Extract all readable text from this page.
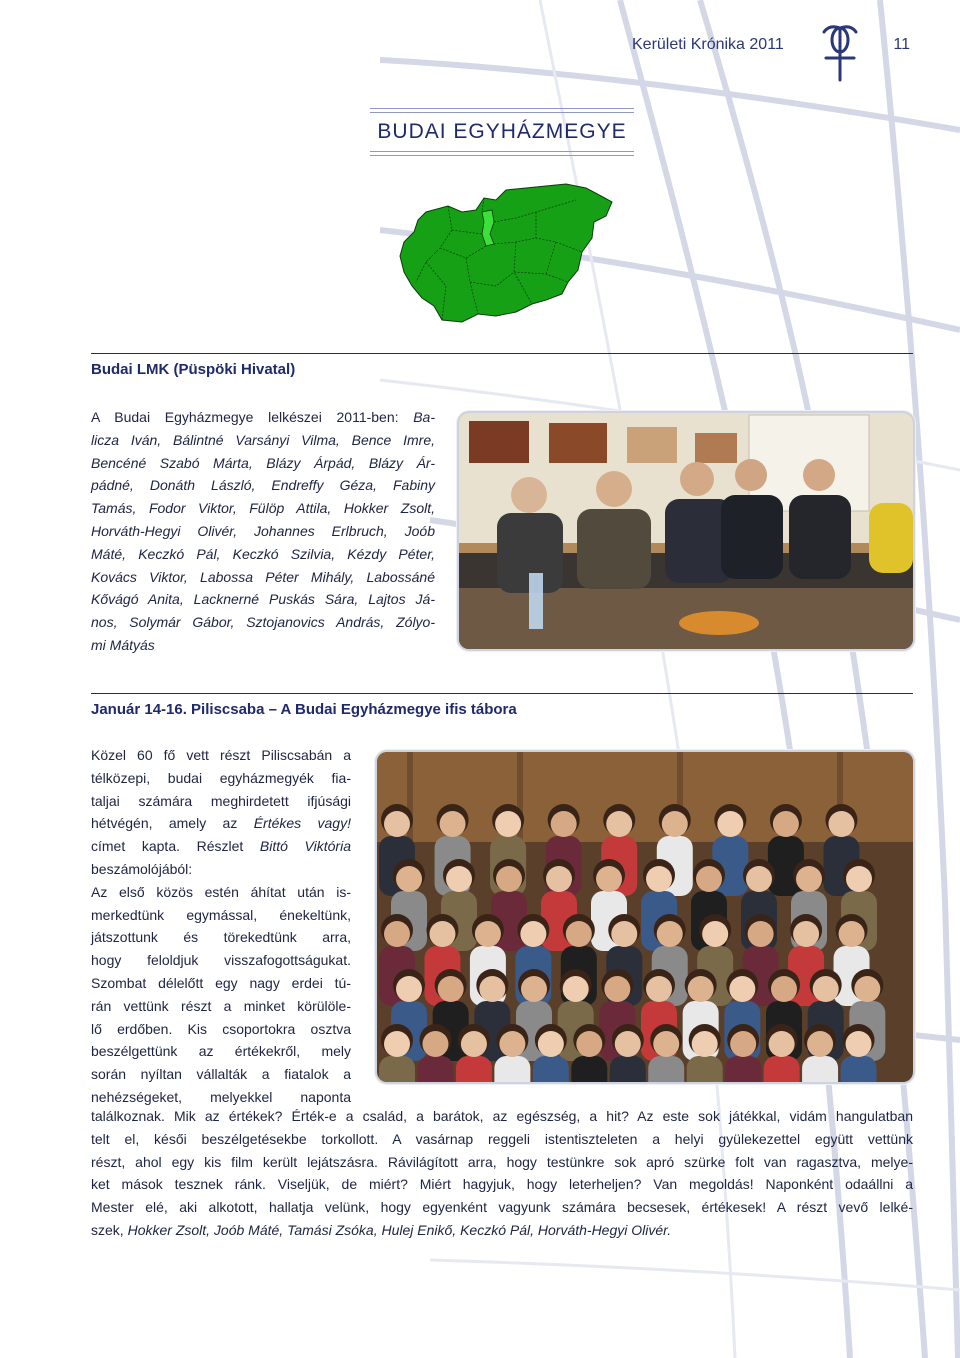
Kerületi Krónika 2011	11
BUDAI EGYHÁZMEGYE
Budai LMK (Püspöki Hivatal)
A Budai Egyházmegye lelkészei 2011-ben: Ba-
licza Iván, Bálintné Varsányi Vilma, Bence Imre,
Bencéné Szabó Márta, Blázy Árpád, Blázy Ár-
pádné, Donáth László, Endreffy Géza, Fabiny
Tamás, Fodor Viktor, Fülöp Attila, Hokker Zsolt,
Horváth-Hegyi Olivér, Johannes Erlbruch, Joób
Máté, Keczkó Pál, Keczkó Szilvia, Kézdy Péter,
Kovács Viktor, Labossa Péter Mihály, Labossáné
Kővágó Anita, Lacknerné Puskás Sára, Lajtos Já-
nos, Solymár Gábor, Sztojanovics András, Zólyo-
mi Mátyás
Január 14-16. Piliscsaba – A Budai Egyházmegye ifis tábora
Közel 60 fő vett részt Piliscsabán a
télközepi, budai egyházmegyék fia-
taljai számára meghirdetett ifjúsági
hétvégén, amely az Értékes vagy!
címet kapta. Részlet Bittó Viktória
beszámolójából:
Az első közös estén áhítat után is-
merkedtünk egymással, énekeltünk,
játszottunk és törekedtünk arra,
hogy feloldjuk visszafogottságukat.
Szombat délelőtt egy nagy erdei tú-
rán vettünk részt a minket körülöle-
lő erdőben. Kis csoportokra osztva
beszélgettünk az értékekről, mely
során nyíltan vállalták a fiatalok a
nehézségeket, melyekkel naponta
találkoznak. Mik az értékek? Érték-e a család, a barátok, az egészség, a hit? Az este sok játékkal, vidám hangulatban
telt el, késői beszélgetésekbe torkollott. A vasárnap reggeli istentiszteleten a helyi gyülekezettel együtt vettünk
részt, ahol egy kis film került lejátszásra. Rávilágított arra, hogy testünkre sok apró szürke folt van ragasztva, melye-
ket mások tesznek ránk. Viseljük, de miért? Miért hagyjuk, hogy leterheljen? Van megoldás! Naponként odaállni a
Mester elé, aki alkotott, hallatja velünk, hogy egyenként vagyunk számára becsesek, értékesek! A részt vevő lelké-
szek, Hokker Zsolt, Joób Máté, Tamási Zsóka, Hulej Enikő, Keczkó Pál, Horváth-Hegyi Olivér.
